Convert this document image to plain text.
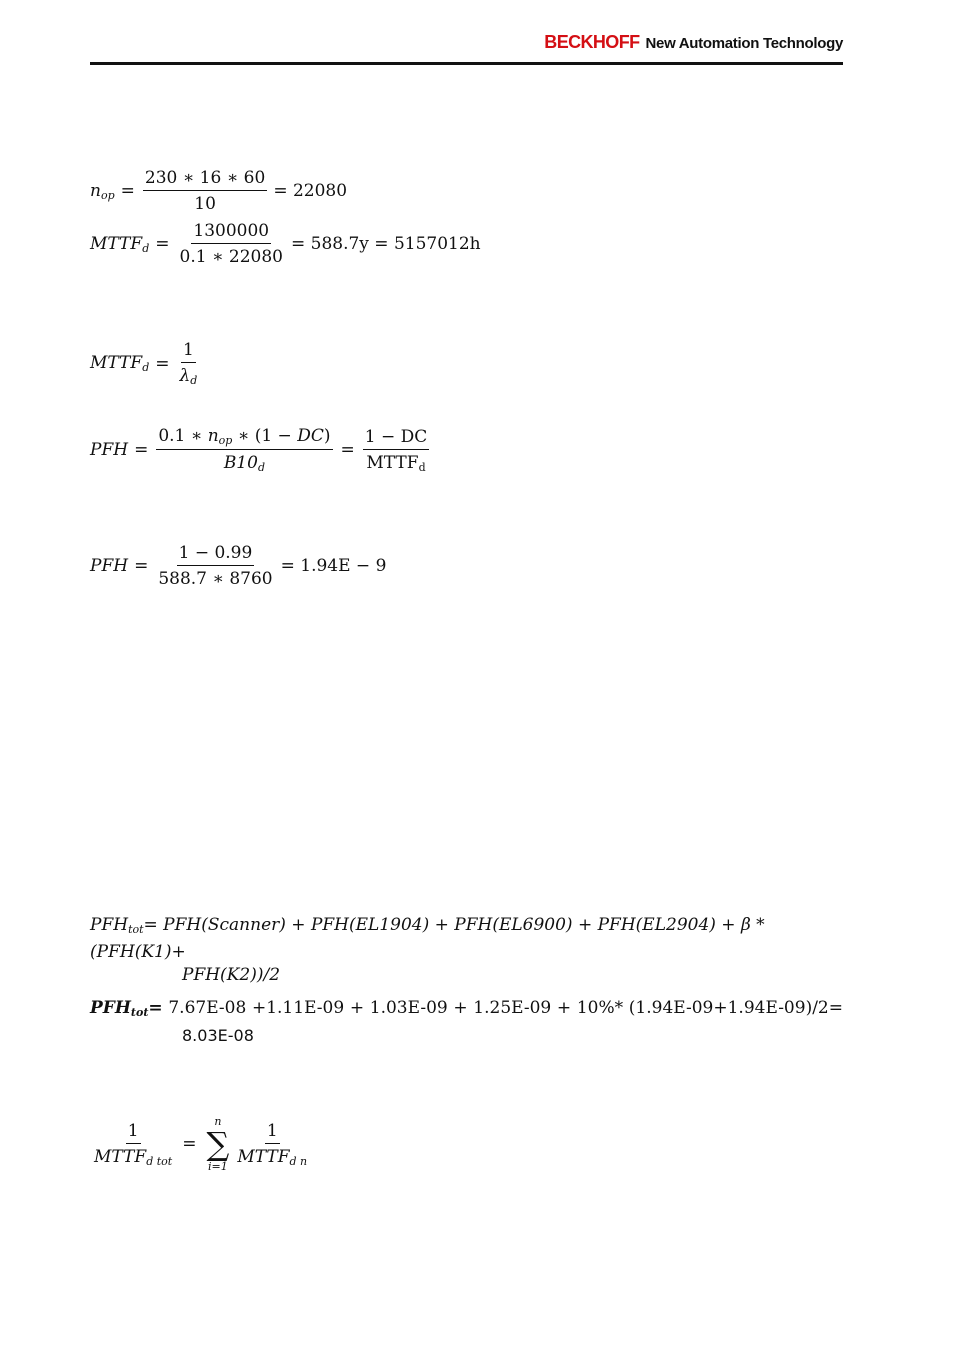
BECKHOFF New Automation Technology
$n_{op} = \frac{230 ∗ 16 ∗ 60}{10} = 22080$
$MTTF_d = \frac{1300000}{0.1 ∗ 22080} = 588.7y = 5157012h$
$MTTF_d = \frac{1}{\lambda_d}$
PFH = $\frac{0.1 ∗ n_{op} ∗ (1 - DC)}{B10_d} = \frac{1 - DC}{MTTF_d}$
PFH = $\frac{1 - 0.99}{588.7 ∗ 8760} = 1.94E - 9$
$PFH_{tot}=$ PFH(Scanner) + PFH(EL1904) + PFH(EL6900) + PFH(EL2904) + β * (PFH(K1)+
PFH(K2))/2
$PFH_{tot}= 7.67E-08 +1.11E-09 + 1.03E-09 + 1.25E-09 + 10\%*$ (1.94E-09+1.94E-09)/2=
8.03E-08
$\frac{1}{MTTF_{d tot}}$ =
n
∑
$i=1 \frac{1}{MTTF_{d n}}$
